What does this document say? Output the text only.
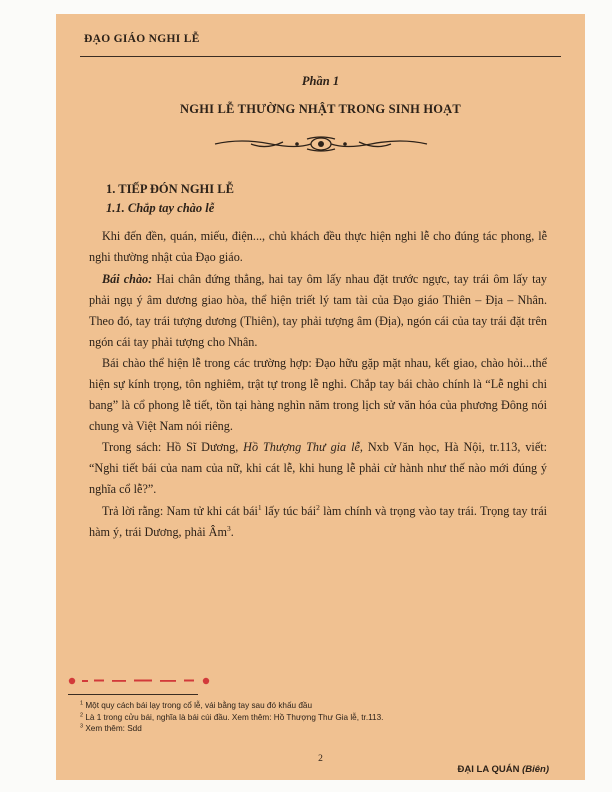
ĐẠO GIÁO NGHI LỄ
Phần 1
NGHI LỄ THƯỜNG NHẬT TRONG SINH HOẠT
1. TIẾP ĐÓN NGHI LỄ
1.1. Chắp tay chào lễ

Khi đến đền, quán, miếu, điện..., chủ khách đều thực hiện nghi lễ cho đúng tác phong, lễ nghi thường nhật của Đạo giáo.

Bái chào: Hai chân đứng thẳng, hai tay ôm lấy nhau đặt trước ngực, tay trái ôm lấy tay phải ngụ ý âm dương giao hòa, thể hiện triết lý tam tài của Đạo giáo Thiên – Địa – Nhân. Theo đó, tay trái tượng dương (Thiên), tay phải tượng âm (Địa), ngón cái của tay trái đặt trên ngón cái tay phải tượng cho Nhân.

Bái chào thể hiện lễ trong các trường hợp: Đạo hữu gặp mặt nhau, kết giao, chào hỏi...thể hiện sự kính trọng, tôn nghiêm, trật tự trong lễ nghi. Chắp tay bái chào chính là “Lễ nghi chi bang” là cổ phong lễ tiết, tồn tại hàng nghìn năm trong lịch sử văn hóa của phương Đông nói chung và Việt Nam nói riêng.

Trong sách: Hồ Sĩ Dương, Hồ Thượng Thư gia lễ, Nxb Văn học, Hà Nội, tr.113, viết: “Nghi tiết bái của nam của nữ, khi cát lễ, khi hung lễ phải cử hành như thế nào mới đúng ý nghĩa cổ lễ?”.

Trả lời rằng: Nam tử khi cát bái$^1$ lấy túc bái$^2$ làm chính và trọng vào tay trái. Trọng tay trái hàm ý, trái Dương, phải $Âm^3$.

$^1$ Một quy cách bái lạy trong cổ lễ, vái bằng tay sau đó khấu đầu
$^2$ Là 1 trong cửu bái, nghĩa là bái cúi đầu. Xem thêm: Hồ Thượng Thư Gia lễ, tr.113.
$^3$ Xem thêm: Sdd
2
ĐẠI LA QUÁN (Biên)
